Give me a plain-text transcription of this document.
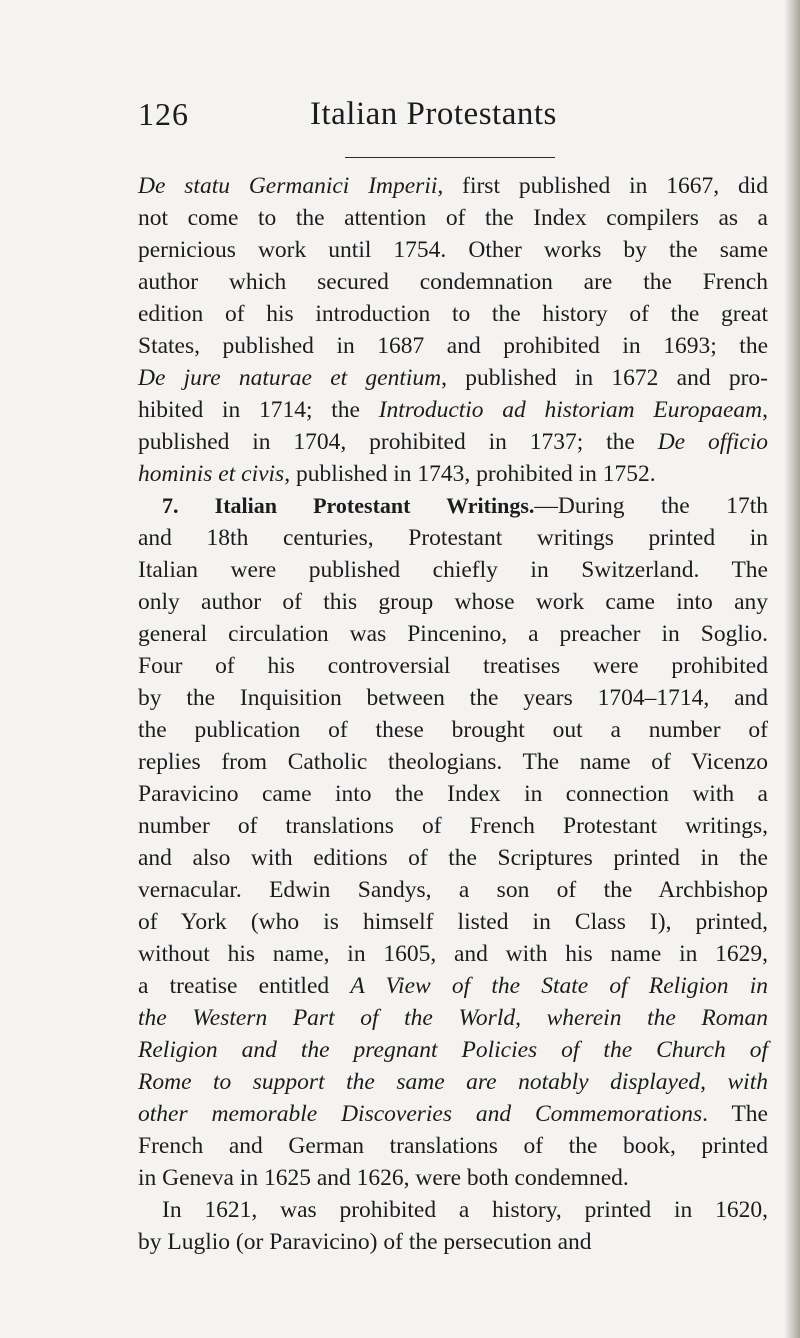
126	Italian Protestants
De statu Germanici Imperii, first published in 1667, did
not come to the attention of the Index compilers as a
pernicious work until 1754. Other works by the same
author which secured condemnation are the French
edition of his introduction to the history of the great
States, published in 1687 and prohibited in 1693; the
De jure naturae et gentium, published in 1672 and pro-
hibited in 1714; the Introductio ad historiam Europaeam,
published in 1704, prohibited in 1737; the De officio
hominis et civis, published in 1743, prohibited in 1752.
7. Italian Protestant Writings.—During the 17th
and 18th centuries, Protestant writings printed in
Italian were published chiefly in Switzerland. The
only author of this group whose work came into any
general circulation was Pincenino, a preacher in Soglio.
Four of his controversial treatises were prohibited
by the Inquisition between the years 1704–1714, and
the publication of these brought out a number of
replies from Catholic theologians. The name of Vicenzo
Paravicino came into the Index in connection with a
number of translations of French Protestant writings,
and also with editions of the Scriptures printed in the
vernacular. Edwin Sandys, a son of the Archbishop
of York (who is himself listed in Class I), printed,
without his name, in 1605, and with his name in 1629,
a treatise entitled A View of the State of Religion in
the Western Part of the World, wherein the Roman
Religion and the pregnant Policies of the Church of
Rome to support the same are notably displayed, with
other memorable Discoveries and Commemorations. The
French and German translations of the book, printed
in Geneva in 1625 and 1626, were both condemned.
In 1621, was prohibited a history, printed in 1620,
by Luglio (or Paravicino) of the persecution and
